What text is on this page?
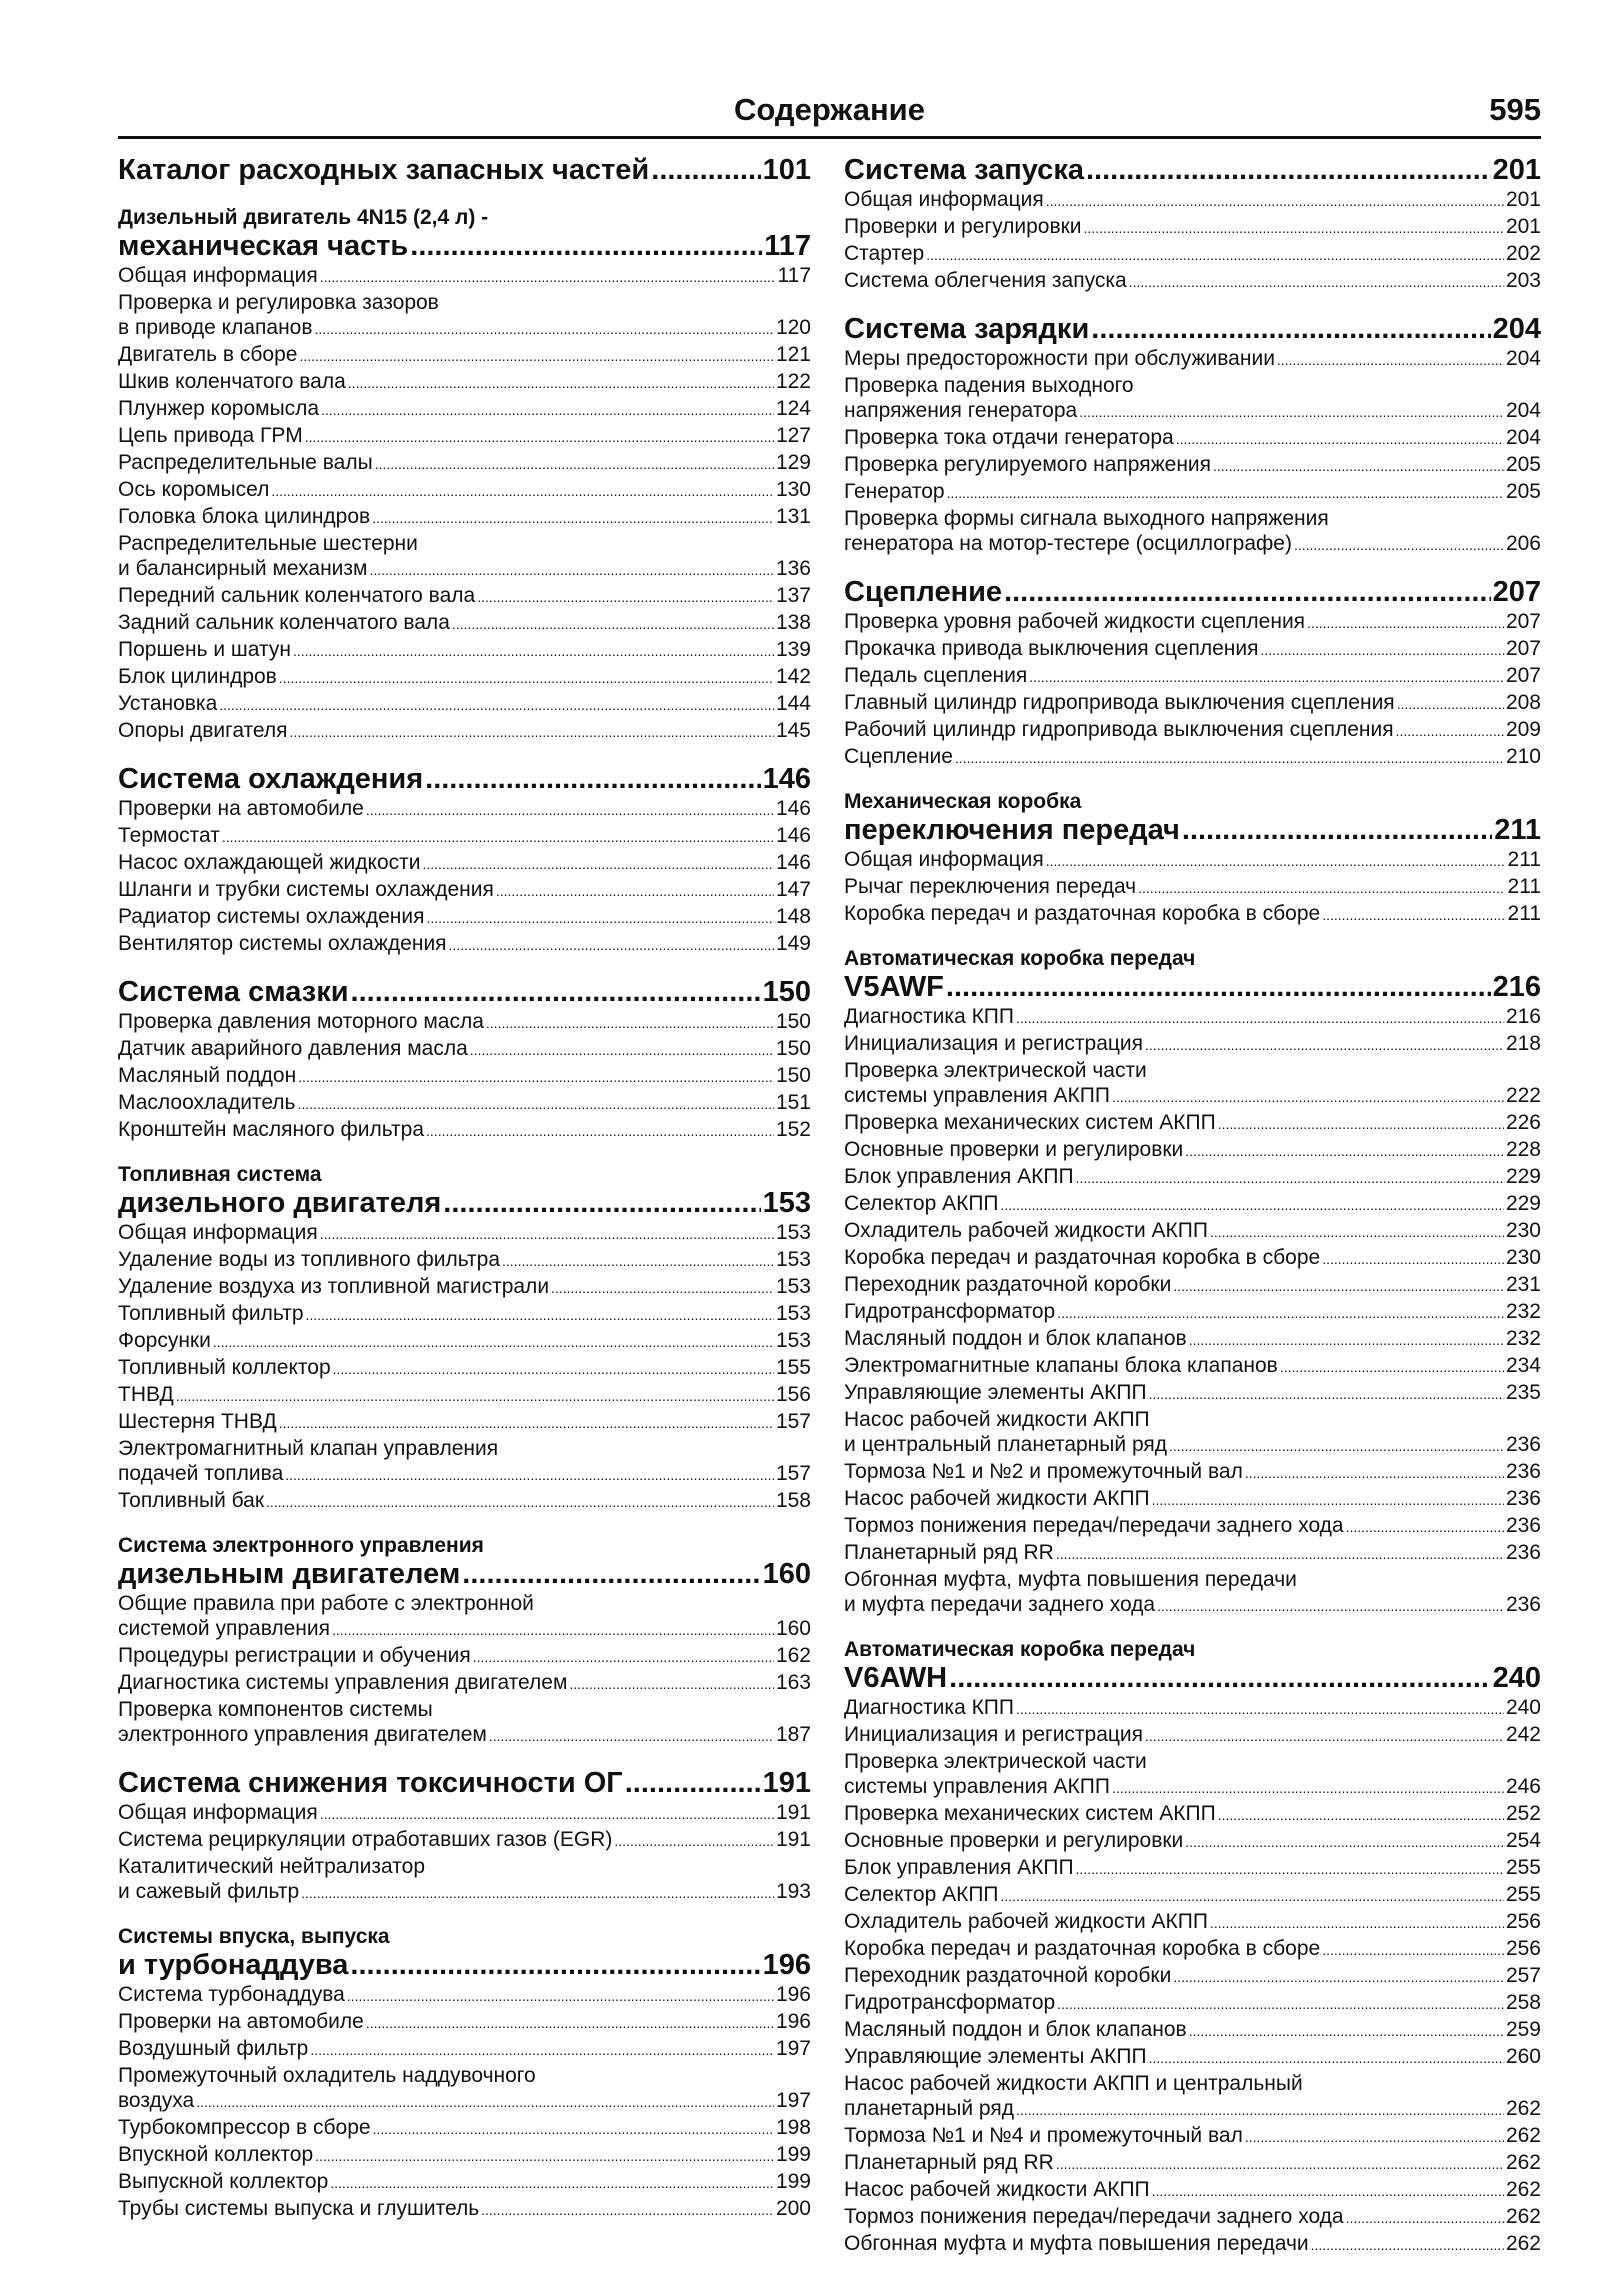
Содержание	595
Каталог расходных запасных частей .....	101
Дизельный двигатель 4N15 (2,4 л) -
механическая часть .....	117
Общая информация .....	117
Проверка и регулировка зазоров
в приводе клапанов .....	120
Двигатель в сборе .....	121
Шкив коленчатого вала .....	122
Плунжер коромысла .....	124
Цепь привода ГРМ .....	127
Распределительные валы .....	129
Ось коромысел .....	130
Головка блока цилиндров .....	131
Распределительные шестерни
и балансирный механизм .....	136
Передний сальник коленчатого вала .....	137
Задний сальник коленчатого вала .....	138
Поршень и шатун .....	139
Блок цилиндров .....	142
Установка .....	144
Опоры двигателя .....	145
Система охлаждения .....	146
Проверки на автомобиле .....	146
Термостат .....	146
Насос охлаждающей жидкости .....	146
Шланги и трубки системы охлаждения .....	147
Радиатор системы охлаждения .....	148
Вентилятор системы охлаждения .....	149
Система смазки .....	150
Проверка давления моторного масла .....	150
Датчик аварийного давления масла .....	150
Масляный поддон .....	150
Маслоохладитель .....	151
Кронштейн масляного фильтра .....	152
Топливная система
дизельного двигателя .....	153
Общая информация .....	153
Удаление воды из топливного фильтра .....	153
Удаление воздуха из топливной магистрали .....	153
Топливный фильтр .....	153
Форсунки .....	153
Топливный коллектор .....	155
ТНВД .....	156
Шестерня ТНВД .....	157
Электромагнитный клапан управления
подачей топлива .....	157
Топливный бак .....	158
Система электронного управления
дизельным двигателем .....	160
Общие правила при работе с электронной
системой управления .....	160
Процедуры регистрации и обучения .....	162
Диагностика системы управления двигателем .....	163
Проверка компонентов системы
электронного управления двигателем .....	187
Система снижения токсичности ОГ .....	191
Общая информация .....	191
Система рециркуляции отработавших газов (EGR) .....	191
Каталитический нейтрализатор
и сажевый фильтр .....	193
Системы впуска, выпуска
и турбонаддува .....	196
Система турбонаддува .....	196
Проверки на автомобиле .....	196
Воздушный фильтр .....	197
Промежуточный охладитель наддувочного
воздуха .....	197
Турбокомпрессор в сборе .....	198
Впускной коллектор .....	199
Выпускной коллектор .....	199
Трубы системы выпуска и глушитель .....	200
Система запуска .....	201
Общая информация .....	201
Проверки и регулировки .....	201
Стартер .....	202
Система облегчения запуска .....	203
Система зарядки .....	204
Меры предосторожности при обслуживании .....	204
Проверка падения выходного
напряжения генератора .....	204
Проверка тока отдачи генератора .....	204
Проверка регулируемого напряжения .....	205
Генератор .....	205
Проверка формы сигнала выходного напряжения
генератора на мотор-тестере (осциллографе) .....	206
Сцепление .....	207
Проверка уровня рабочей жидкости сцепления .....	207
Прокачка привода выключения сцепления .....	207
Педаль сцепления .....	207
Главный цилиндр гидропривода выключения сцепления .....	208
Рабочий цилиндр гидропривода выключения сцепления .....	209
Сцепление .....	210
Механическая коробка
переключения передач .....	211
Общая информация .....	211
Рычаг переключения передач .....	211
Коробка передач и раздаточная коробка в сборе .....	211
Автоматическая коробка передач
V5AWF .....	216
Диагностика КПП .....	216
Инициализация и регистрация .....	218
Проверка электрической части
системы управления АКПП .....	222
Проверка механических систем АКПП .....	226
Основные проверки и регулировки .....	228
Блок управления АКПП .....	229
Селектор АКПП .....	229
Охладитель рабочей жидкости АКПП .....	230
Коробка передач и раздаточная коробка в сборе .....	230
Переходник раздаточной коробки .....	231
Гидротрансформатор .....	232
Масляный поддон и блок клапанов .....	232
Электромагнитные клапаны блока клапанов .....	234
Управляющие элементы АКПП .....	235
Насос рабочей жидкости АКПП
и центральный планетарный ряд .....	236
Тормоза №1 и №2 и промежуточный вал .....	236
Насос рабочей жидкости АКПП .....	236
Тормоз понижения передач/передачи заднего хода .....	236
Планетарный ряд RR .....	236
Обгонная муфта, муфта повышения передачи
и муфта передачи заднего хода .....	236
Автоматическая коробка передач
V6AWH .....	240
Диагностика КПП .....	240
Инициализация и регистрация .....	242
Проверка электрической части
системы управления АКПП .....	246
Проверка механических систем АКПП .....	252
Основные проверки и регулировки .....	254
Блок управления АКПП .....	255
Селектор АКПП .....	255
Охладитель рабочей жидкости АКПП .....	256
Коробка передач и раздаточная коробка в сборе .....	256
Переходник раздаточной коробки .....	257
Гидротрансформатор .....	258
Масляный поддон и блок клапанов .....	259
Управляющие элементы АКПП .....	260
Насос рабочей жидкости АКПП и центральный
планетарный ряд .....	262
Тормоза №1 и №4 и промежуточный вал .....	262
Планетарный ряд RR .....	262
Насос рабочей жидкости АКПП .....	262
Тормоз понижения передач/передачи заднего хода .....	262
Обгонная муфта и муфта повышения передачи .....	262
